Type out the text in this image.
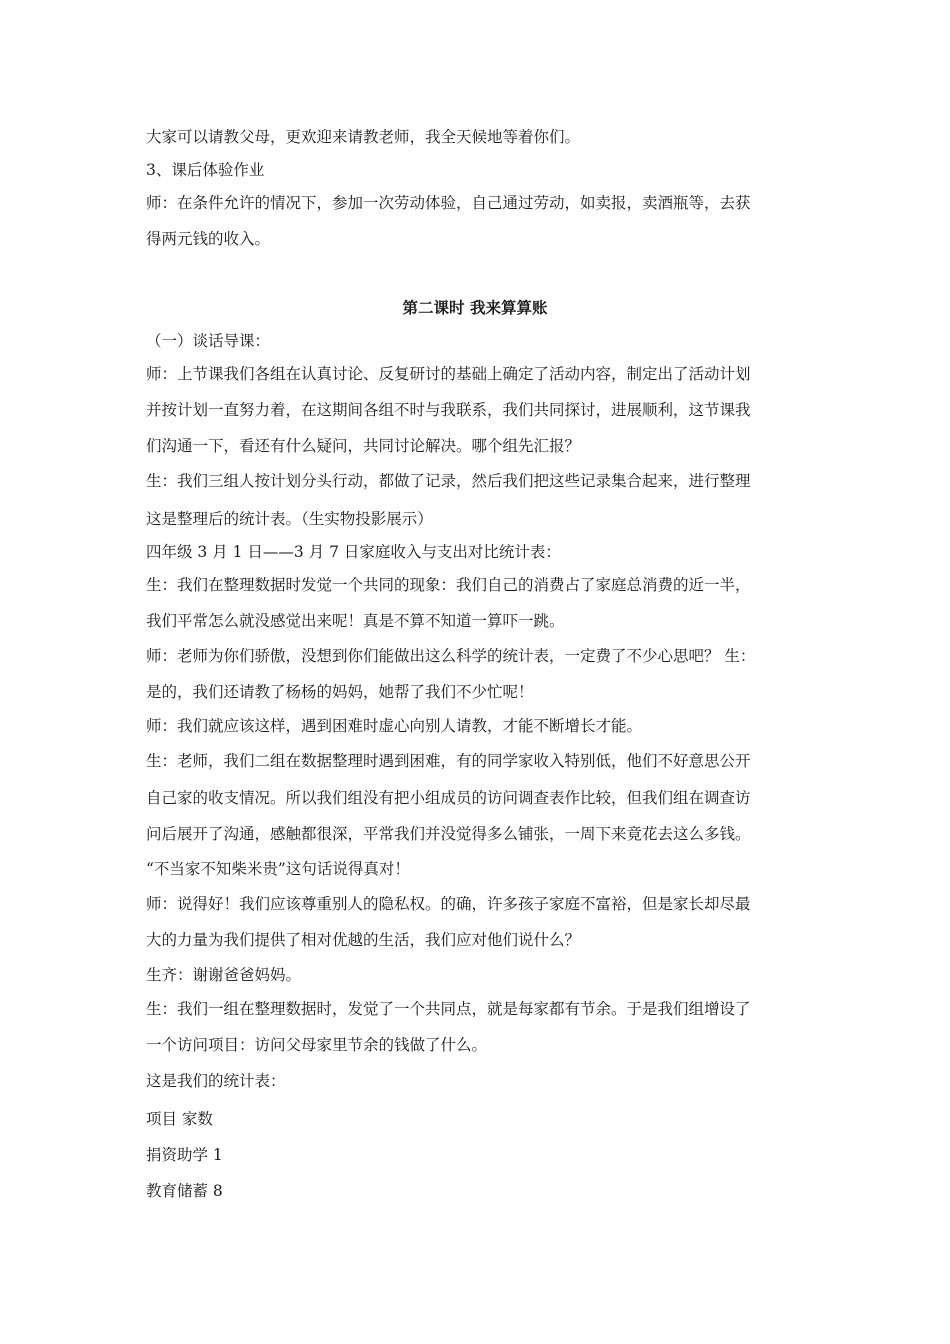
大家可以请教父母，更欢迎来请教老师，我全天候地等着你们。
3、课后体验作业
师：在条件允许的情况下，参加一次劳动体验，自己通过劳动，如卖报，卖酒瓶等，去获
得两元钱的收入。
第二课时 我来算算账
（一）谈话导课：
师：上节课我们各组在认真讨论、反复研讨的基础上确定了活动内容，制定出了活动计划
并按计划一直努力着，在这期间各组不时与我联系，我们共同探讨，进展顺利，这节课我
们沟通一下，看还有什么疑问，共同讨论解决。哪个组先汇报？
生：我们三组人按计划分头行动，都做了记录，然后我们把这些记录集合起来，进行整理
这是整理后的统计表。（生实物投影展示）
四年级 3 月 1 日——3 月 7 日家庭收入与支出对比统计表：
生：我们在整理数据时发觉一个共同的现象：我们自己的消费占了家庭总消费的近一半，
我们平常怎么就没感觉出来呢！真是不算不知道一算吓一跳。
师：老师为你们骄傲，没想到你们能做出这么科学的统计表，一定费了不少心思吧？ 生：
是的，我们还请教了杨杨的妈妈，她帮了我们不少忙呢！
师：我们就应该这样，遇到困难时虚心向别人请教，才能不断增长才能。
生：老师，我们二组在数据整理时遇到困难，有的同学家收入特别低，他们不好意思公开
自己家的收支情况。所以我们组没有把小组成员的访问调查表作比较，但我们组在调查访
问后展开了沟通，感触都很深，平常我们并没觉得多么铺张，一周下来竟花去这么多钱。
“不当家不知柴米贵”这句话说得真对！
师：说得好！我们应该尊重别人的隐私权。的确，许多孩子家庭不富裕，但是家长却尽最
大的力量为我们提供了相对优越的生活，我们应对他们说什么？
生齐：谢谢爸爸妈妈。
生：我们一组在整理数据时，发觉了一个共同点，就是每家都有节余。于是我们组增设了
一个访问项目：访问父母家里节余的钱做了什么。
这是我们的统计表：
项目 家数
捐资助学 1
教育储蓄 8
